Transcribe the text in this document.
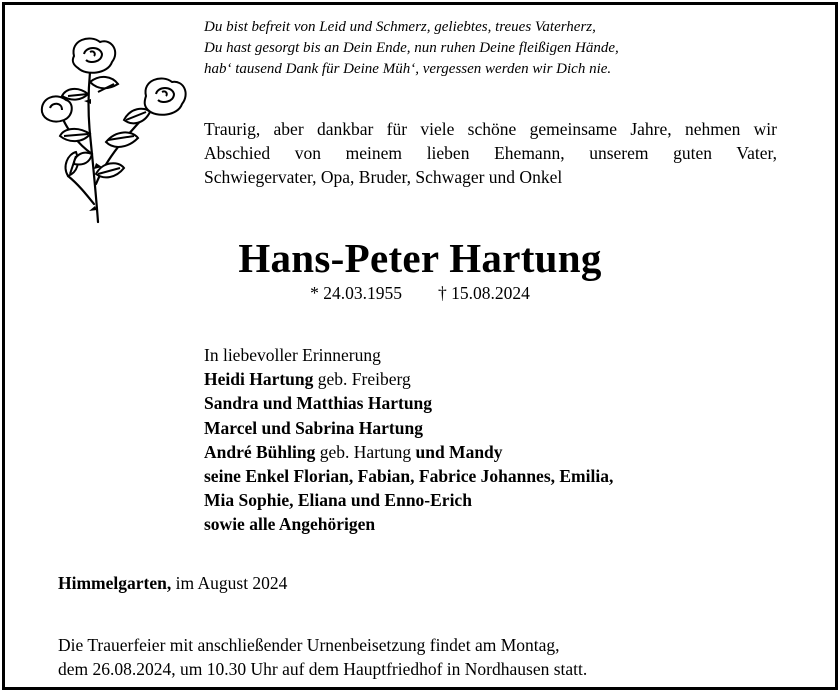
Du bist befreit von Leid und Schmerz, geliebtes, treues Vaterherz,
Du hast gesorgt bis an Dein Ende, nun ruhen Deine fleißigen Hände,
hab‘ tausend Dank für Deine Müh‘, vergessen werden wir Dich nie.
Traurig, aber dankbar für viele schöne gemeinsame Jahre, nehmen wir
Abschied von meinem lieben Ehemann, unserem guten Vater,
Schwiegervater, Opa, Bruder, Schwager und Onkel
Hans-Peter Hartung
* 24.03.1955 † 15.08.2024
In liebevoller Erinnerung
Heidi Hartung geb. Freiberg
Sandra und Matthias Hartung
Marcel und Sabrina Hartung
André Bühling geb. Hartung und Mandy
seine Enkel Florian, Fabian, Fabrice Johannes, Emilia,
Mia Sophie, Eliana und Enno-Erich
sowie alle Angehörigen
Himmelgarten, im August 2024
Die Trauerfeier mit anschließender Urnenbeisetzung findet am Montag,
dem 26.08.2024, um 10.30 Uhr auf dem Hauptfriedhof in Nordhausen statt.
